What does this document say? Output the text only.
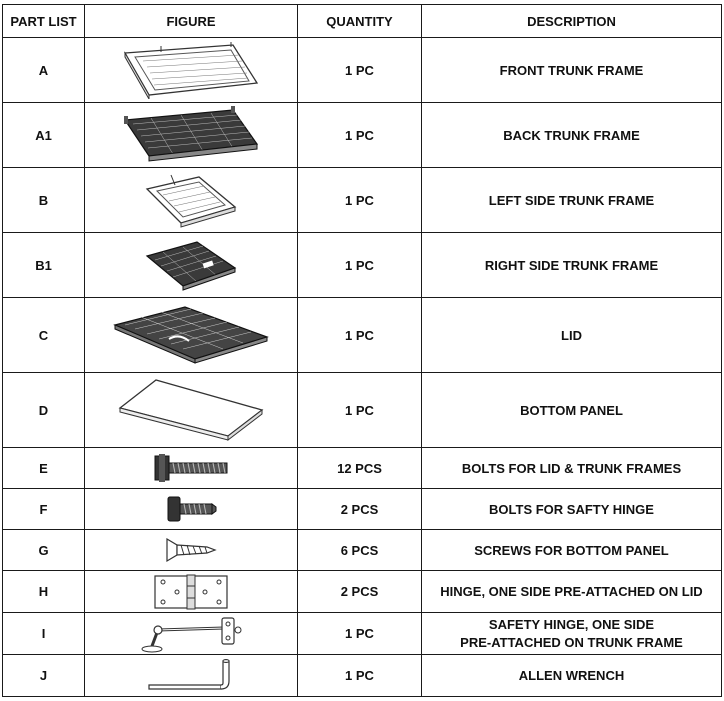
PART LIST	FIGURE	QUANTITY	DESCRIPTION
A		1 PC	FRONT TRUNK FRAME
A1		1 PC	BACK TRUNK FRAME
B		1 PC	LEFT SIDE TRUNK FRAME
B1		1 PC	RIGHT SIDE TRUNK FRAME
C		1 PC	LID
D		1 PC	BOTTOM PANEL
E		12 PCS	BOLTS FOR LID & TRUNK FRAMES
F		2 PCS	BOLTS FOR SAFTY HINGE
G		6 PCS	SCREWS FOR BOTTOM PANEL
H		2 PCS	HINGE, ONE SIDE PRE-ATTACHED ON LID
I		1 PC	SAFETY HINGE, ONE SIDE
PRE-ATTACHED ON TRUNK FRAME

J		1 PC	ALLEN WRENCH
